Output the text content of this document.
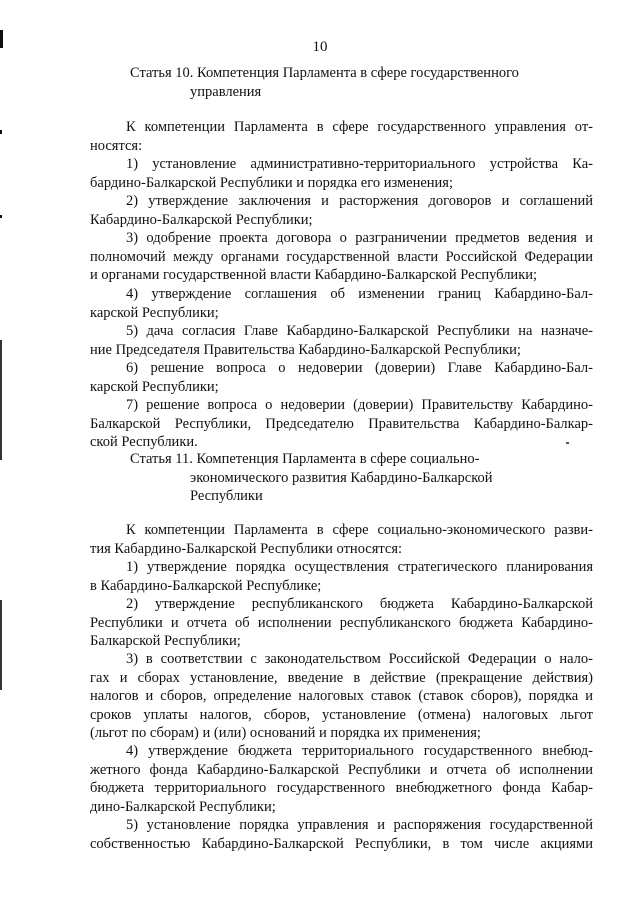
10
Статья 10. Компетенция Парламента в сфере государственного
управления
К компетенции Парламента в сфере государственного управления от-
носятся:
1) установление административно-территориального устройства Ка-
бардино-Балкарской Республики и порядка его изменения;
2) утверждение заключения и расторжения договоров и соглашений
Кабардино-Балкарской Республики;
3) одобрение проекта договора о разграничении предметов ведения и
полномочий между органами государственной власти Российской Федерации
и органами государственной власти Кабардино-Балкарской Республики;
4) утверждение соглашения об изменении границ Кабардино-Бал-
карской Республики;
5) дача согласия Главе Кабардино-Балкарской Республики на назначе-
ние Председателя Правительства Кабардино-Балкарской Республики;
6) решение вопроса о недоверии (доверии) Главе Кабардино-Бал-
карской Республики;
7) решение вопроса о недоверии (доверии) Правительству Кабардино-
Балкарской Республики, Председателю Правительства Кабардино-Балкар-
ской Республики.
Статья 11. Компетенция Парламента в сфере социально-
экономического развития Кабардино-Балкарской
Республики
К компетенции Парламента в сфере социально-экономического разви-
тия Кабардино-Балкарской Республики относятся:
1) утверждение порядка осуществления стратегического планирования
в Кабардино-Балкарской Республике;
2) утверждение республиканского бюджета Кабардино-Балкарской
Республики и отчета об исполнении республиканского бюджета Кабардино-
Балкарской Республики;
3) в соответствии с законодательством Российской Федерации о нало-
гах и сборах установление, введение в действие (прекращение действия)
налогов и сборов, определение налоговых ставок (ставок сборов), порядка и
сроков уплаты налогов, сборов, установление (отмена) налоговых льгот
(льгот по сборам) и (или) оснований и порядка их применения;
4) утверждение бюджета территориального государственного внебюд-
жетного фонда Кабардино-Балкарской Республики и отчета об исполнении
бюджета территориального государственного внебюджетного фонда Кабар-
дино-Балкарской Республики;
5) установление порядка управления и распоряжения государственной
собственностью Кабардино-Балкарской Республики, в том числе акциями
